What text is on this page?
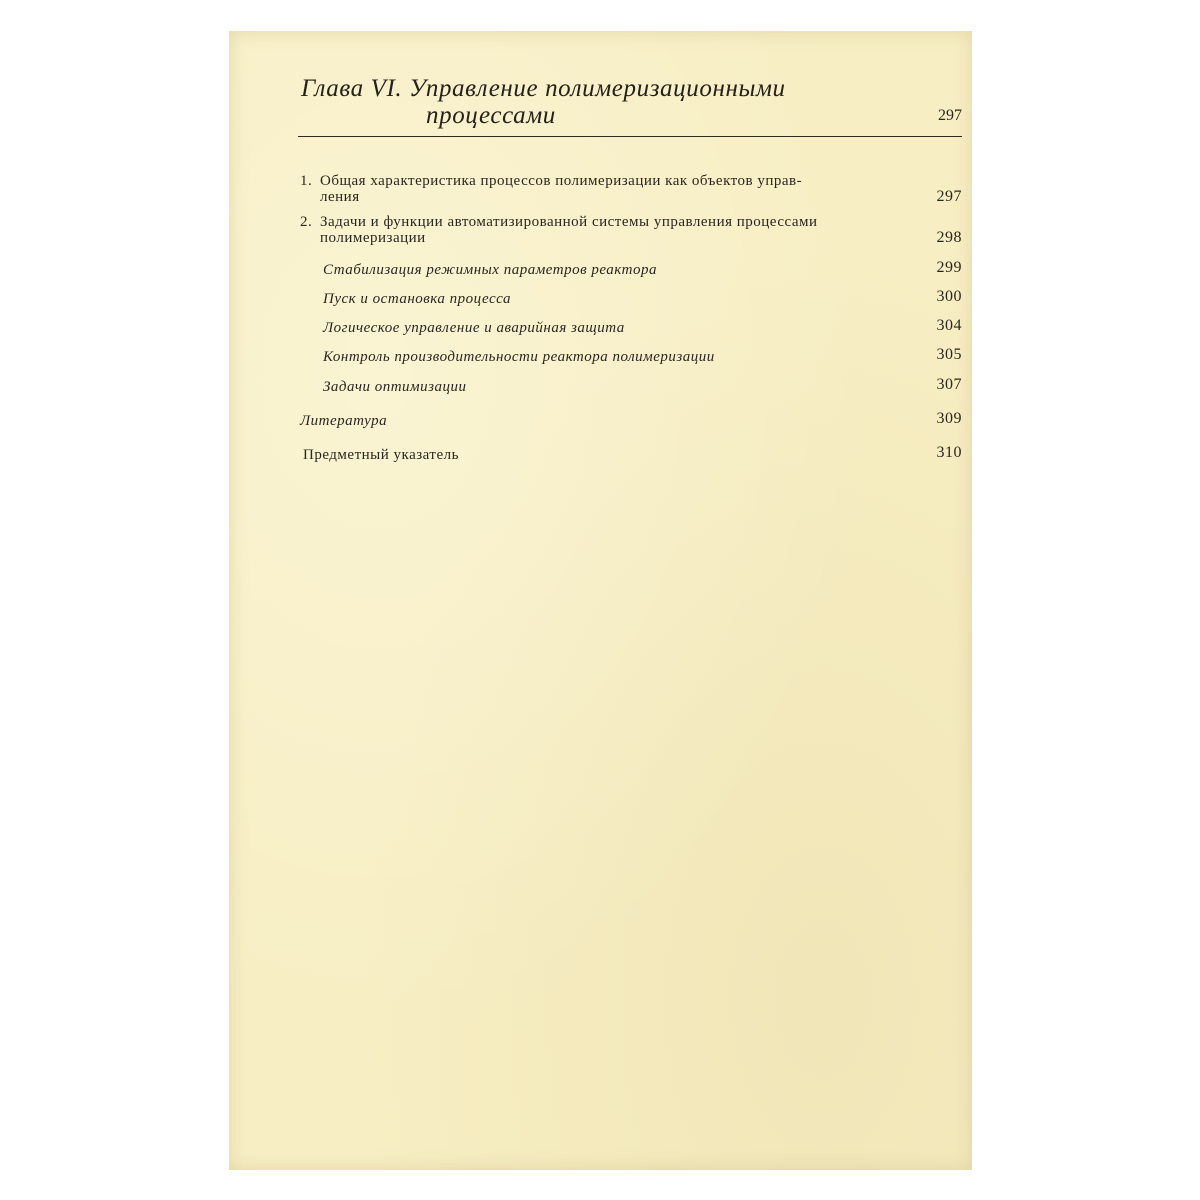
Глава VI. Управление полимеризационными
процессами	297
1. Общая характеристика процессов полимеризации как объектов управ-
ления	297
2. Задачи и функции автоматизированной системы управления процессами
полимеризации	298
Стабилизация режимных параметров реактора	299
Пуск и остановка процесса	300
Логическое управление и аварийная защита	304
Контроль производительности реактора полимеризации	305
Задачи оптимизации	307
Литература	309
Предметный указатель	310
